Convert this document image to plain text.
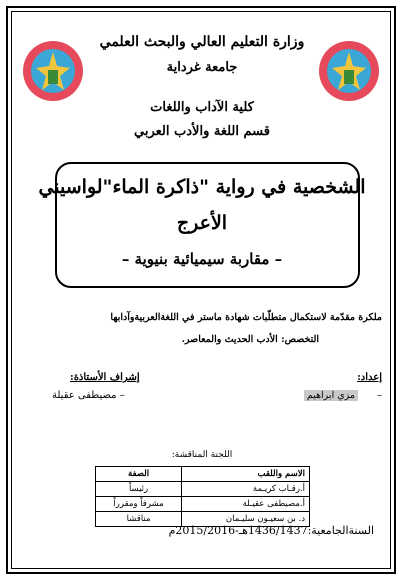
وزارة التعليم العالي والبحث العلمي
جامعة غرداية
كلية الآداب واللغات
قسم اللغة والأدب العربي
الشخصية في رواية "ذاكرة الماء"لواسيني
الأعرج
– مقاربة سيميائية بنيوية –
ملكرة مقدّمة لاستكمال متطلّبات شهادة ماستر في اللغةالعربيةوآدابها
التخصص: الأدب الحديث والمعاصر.
إعداد:
–
مزي ابراهيم
إشراف الأستاذة:
– مصيطفى عقيلة
اللجنة المناقشة:
الاسم واللقب	الصفة
أ.رقـاب كريـمة	رئيساً
أ.مصيطفى عقيـلة	مشرفاً ومقرراً
د. بن سعيـون سليـمان	مناقشا
السنةالجامعية:1436/1437هـ-2015/2016م
